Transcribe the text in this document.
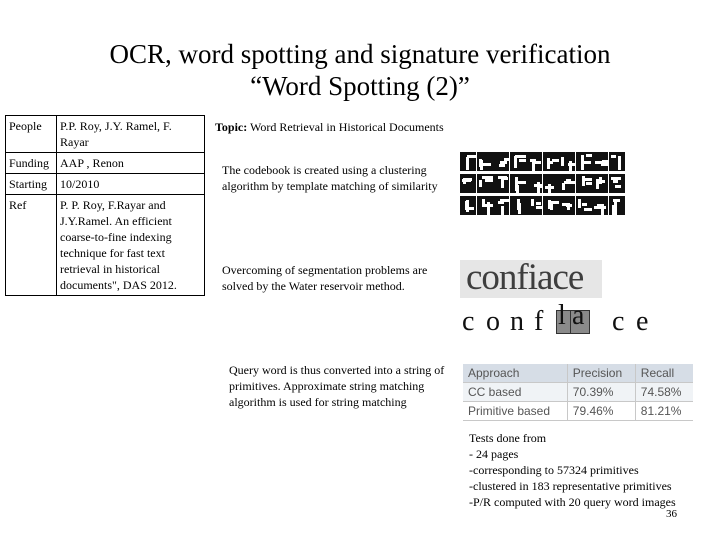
OCR, word spotting and signature verification
“Word Spotting (2)”
People	P.P. Roy, J.Y. Ramel, F. Rayar
Funding	AAP , Renon
Starting	10/2010
Ref	P. P. Roy, F.Rayar and J.Y.Ramel. An efficient coarse-to-fine indexing technique for fast text retrieval in historical documents", DAS 2012.
Topic: Word Retrieval in Historical Documents
The codebook is created using a clustering algorithm by template matching of similarity
Overcoming of segmentation problems are solved by the Water reservoir method.	confiace
c o n f l a c e
Query word is thus converted into a string of primitives. Approximate string matching algorithm is used for string matching
Approach	Precision	Recall
CC based	70.39%	74.58%
Primitive based	79.46%	81.21%
Tests done from
- 24 pages
-corresponding to 57324 primitives
-clustered in 183 representative primitives
-P/R computed with 20 query word images
36
